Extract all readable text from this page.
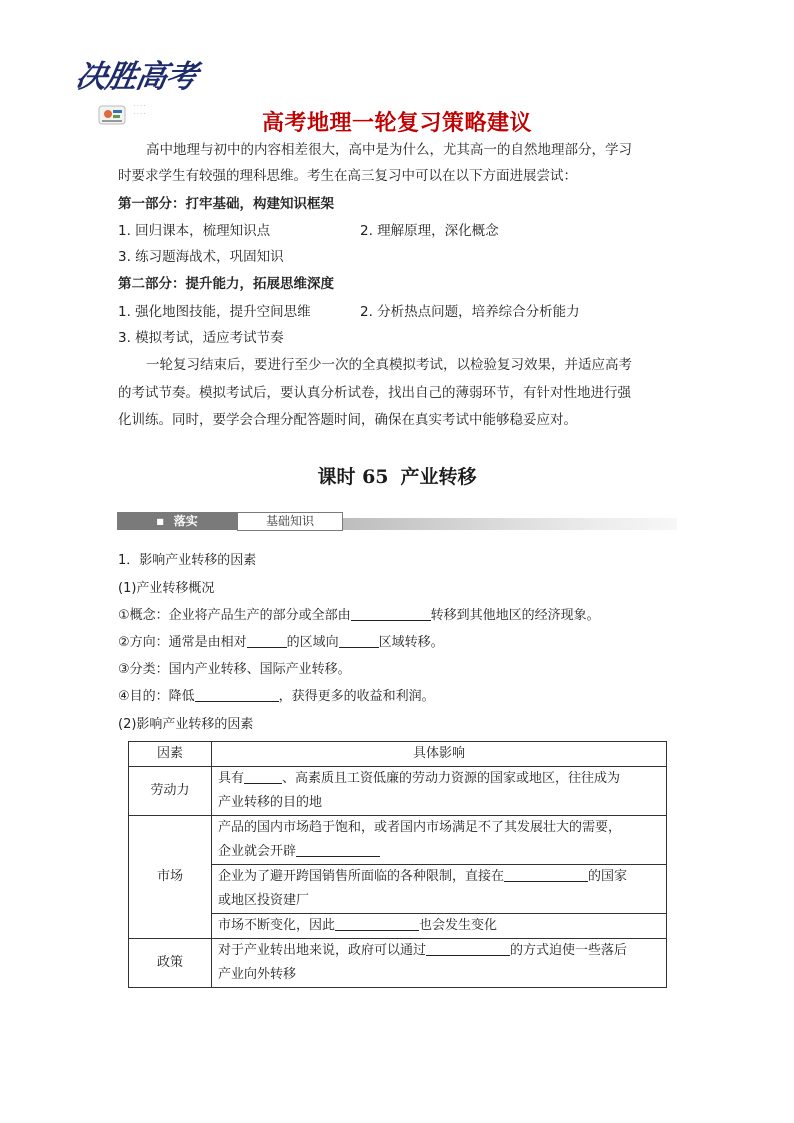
决胜高考
· · · ·
· · · ·	高考地理一轮复习策略建议
高中地理与初中的内容相差很大，高中是为什么，尤其高一的自然地理部分，学习
时要求学生有较强的理科思维。考生在高三复习中可以在以下方面进展尝试：
第一部分：打牢基础，构建知识框架
1. 回归课本，梳理知识点	2. 理解原理，深化概念
3. 练习题海战术，巩固知识
第二部分：提升能力，拓展思维深度
1. 强化地图技能，提升空间思维	2. 分析热点问题，培养综合分析能力
3. 模拟考试，适应考试节奏
一轮复习结束后，要进行至少一次的全真模拟考试，以检验复习效果，并适应高考
的考试节奏。模拟考试后，要认真分析试卷，找出自己的薄弱环节，有针对性地进行强
化训练。同时，要学会合理分配答题时间，确保在真实考试中能够稳妥应对。
课时 65 产业转移
■ 落实	基础知识
1．影响产业转移的因素
(1)产业转移概况
①概念：企业将产品生产的部分或全部由	转移到其他地区的经济现象。
②方向：通常是由相对	的区域向	区域转移。
③分类：国内产业转移、国际产业转移。
④目的：降低	，获得更多的收益和利润。
(2)影响产业转移的因素
因素	具体影响
劳动力	具有 、高素质且工资低廉的劳动力资源的国家或地区，往往成为
产业转移的目的地
市场	产品的国内市场趋于饱和，或者国内市场满足不了其发展壮大的需要，
企业就会开辟
	企业为了避开跨国销售所面临的各种限制，直接在 的国家
或地区投资建厂
	市场不断变化，因此 也会发生变化
政策	对于产业转出地来说，政府可以通过 的方式迫使一些落后
产业向外转移
